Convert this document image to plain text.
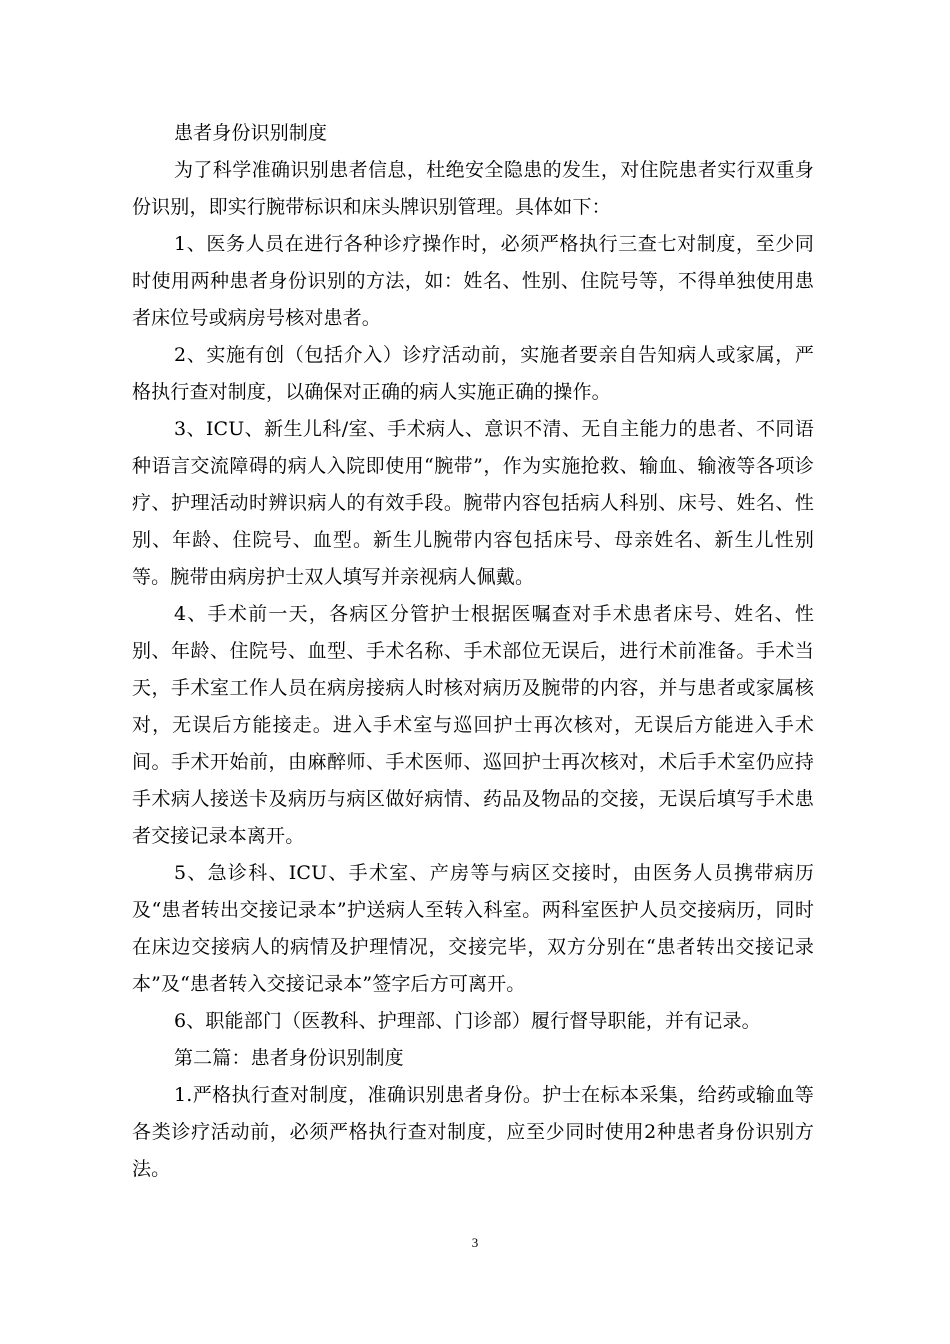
患者身份识别制度

为了科学准确识别患者信息，杜绝安全隐患的发生，对住院患者实行双重身份识别，即实行腕带标识和床头牌识别管理。具体如下：

1、医务人员在进行各种诊疗操作时，必须严格执行三查七对制度，至少同时使用两种患者身份识别的方法，如：姓名、性别、住院号等，不得单独使用患者床位号或病房号核对患者。

2、实施有创（包括介入）诊疗活动前，实施者要亲自告知病人或家属，严格执行查对制度，以确保对正确的病人实施正确的操作。

3、ICU、新生儿科/室、手术病人、意识不清、无自主能力的患者、不同语种语言交流障碍的病人入院即使用“腕带”，作为实施抢救、输血、输液等各项诊疗、护理活动时辨识病人的有效手段。腕带内容包括病人科别、床号、姓名、性别、年龄、住院号、血型。新生儿腕带内容包括床号、母亲姓名、新生儿性别等。腕带由病房护士双人填写并亲视病人佩戴。

4、手术前一天，各病区分管护士根据医嘱查对手术患者床号、姓名、性别、年龄、住院号、血型、手术名称、手术部位无误后，进行术前准备。手术当天，手术室工作人员在病房接病人时核对病历及腕带的内容，并与患者或家属核对，无误后方能接走。进入手术室与巡回护士再次核对，无误后方能进入手术间。手术开始前，由麻醉师、手术医师、巡回护士再次核对，术后手术室仍应持手术病人接送卡及病历与病区做好病情、药品及物品的交接，无误后填写手术患者交接记录本离开。

5、急诊科、ICU、手术室、产房等与病区交接时，由医务人员携带病历及“患者转出交接记录本”护送病人至转入科室。两科室医护人员交接病历，同时在床边交接病人的病情及护理情况，交接完毕，双方分别在“患者转出交接记录本”及“患者转入交接记录本”签字后方可离开。

6、职能部门（医教科、护理部、门诊部）履行督导职能，并有记录。

第二篇：患者身份识别制度

1.严格执行查对制度，准确识别患者身份。护士在标本采集，给药或输血等各类诊疗活动前，必须严格执行查对制度，应至少同时使用2种患者身份识别方法。

3
